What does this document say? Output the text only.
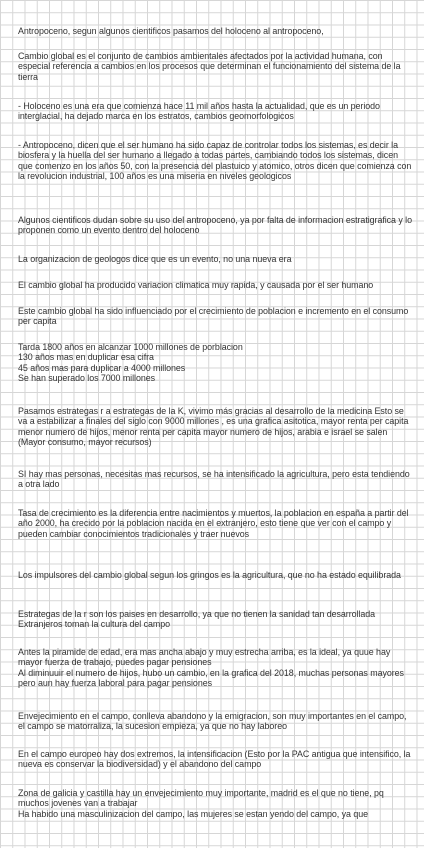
Antropoceno, segun algunos cientificos pasamos del holoceno al antropoceno,

Cambio global es el conjunto de cambios ambientales afectados por la actividad humana, con especial referencia a cambios en los procesos que determinan el funcionamiento del sistema de la tierra

- Holoceno es una era que comienza hace 11 mil años hasta la actualidad, que es un periodo interglacial, ha dejado marca en los estratos, cambios geomorfologicos

- Antropoceno, dicen que el ser humano ha sido capaz de controlar todos los sistemas, es decir la biosfera y la huella del ser humano a llegado a todas partes, cambiando todos los sistemas, dicen que comenzo en los años 50, con la presencia del plastuico y atomico, otros dicen que comienza con la revolucion industrial, 100 años es una miseria en niveles geologicos

Algunos cientificos dudan sobre su uso del antropoceno, ya por falta de informacion estratigrafica y lo proponen como un evento dentro del holoceno

La organizacion de geologos dice que es un evento, no una nueva era

El cambio global ha producido variacion climatica muy rapida, y causada por el ser humano

Este cambio global ha sido influenciado por el crecimiento de poblacion e incremento en el consumo per capita

Tarda 1800 años en alcanzar 1000 millones de porblacion
130 años mas en duplicar esa cifra
45 años mas para duplicar a 4000 millones
Se han superado los 7000 millones

Pasamos estrategas r a estrategas de la K, vivimo más gracias al desarrollo de la medicina Esto se va a estabilizar a finales del siglo con 9000 millones , es una grafica asitotica, mayor renta per capita menor numero de hijos, menor renta per capita mayor numero de hijos, arabia e israel se salen (Mayor consumo, mayor recursos)

SI hay mas personas, necesitas mas recursos, se ha intensificado la agricultura, pero esta tendiendo a otra lado

Tasa de crecimiento es la diferencia entre nacimientos y muertos, la poblacion en españa a partir del año 2000, ha crecido por la poblacion nacida en el extranjero, esto tiene que ver con el campo y pueden cambiar conocimientos tradicionales y traer nuevos

Los impulsores del cambio global segun los gringos es la agricultura, que no ha estado equilibrada

Estrategas de la r son los paises en desarrollo, ya que no tienen la sanidad tan desarrollada Extranjeros toman la cultura del campo

Antes la piramide de edad, era mas ancha abajo y muy estrecha arriba, es la ideal, ya quue hay mayor fuerza de trabajo, puedes pagar pensiones
Al diminuuir el numero de hijos, hubo un cambio, en la grafica del 2018, muchas personas mayores pero aun hay fuerza laboral para pagar pensiones

Envejecimiento en el campo, conlleva abandono y la emigracion, son muy importantes en el campo, el campo se matorraliza, la sucesion empieza, ya que no hay laboreo

En el campo europeo hay dos extremos, la intensificacion (Esto por la PAC antigua que intensifico, la nueva es conservar la biodiversidad) y el abandono del campo

Zona de galicia y castilla hay un envejecimiento muy importante, madrid es el que no tiene, pq muchos jovenes van a trabajar
Ha habido una masculinizacion del campo, las mujeres se estan yendo del campo, ya que
